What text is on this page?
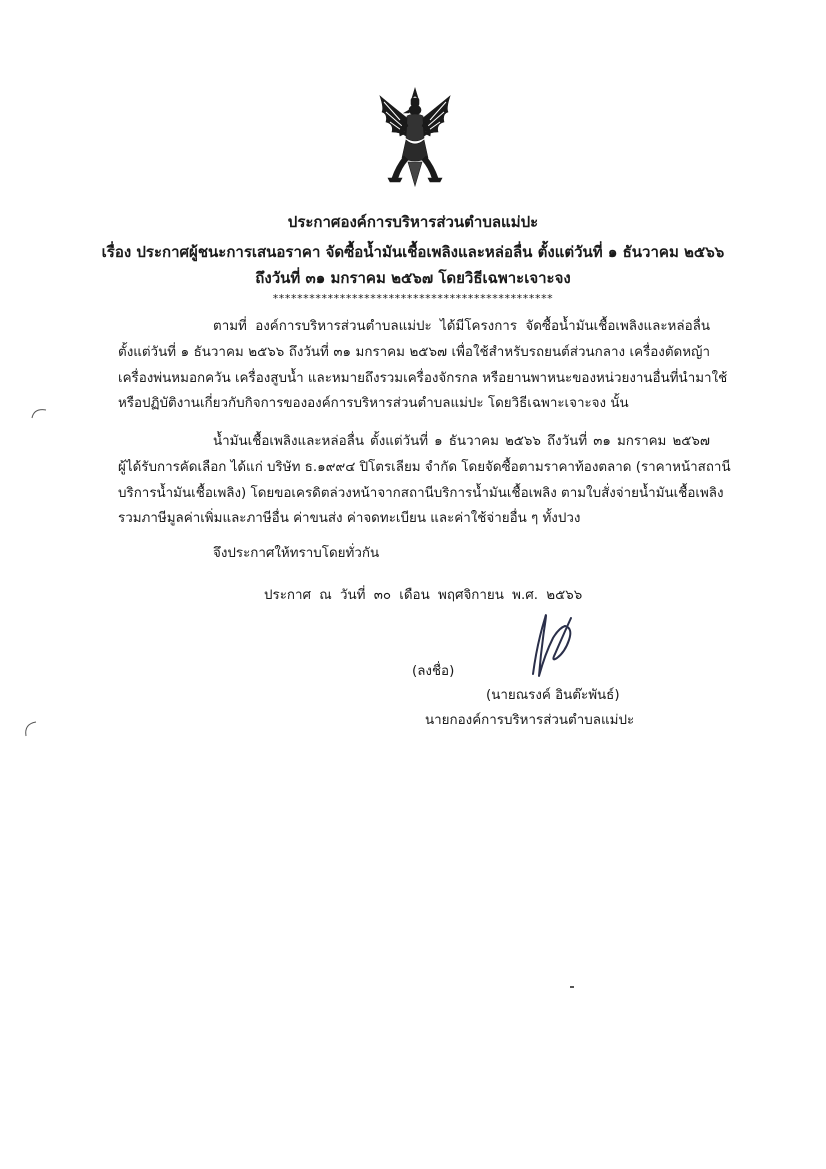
ประกาศองค์การบริหารส่วนตำบลแม่ปะ
เรื่อง ประกาศผู้ชนะการเสนอราคา จัดซื้อน้ำมันเชื้อเพลิงและหล่อลื่น ตั้งแต่วันที่ ๑ ธันวาคม ๒๕๖๖
ถึงวันที่ ๓๑ มกราคม ๒๕๖๗ โดยวิธีเฉพาะเจาะจง
**********************************************
ตามที่ องค์การบริหารส่วนตำบลแม่ปะ ได้มีโครงการ จัดซื้อน้ำมันเชื้อเพลิงและหล่อลื่น
ตั้งแต่วันที่ ๑ ธันวาคม ๒๕๖๖ ถึงวันที่ ๓๑ มกราคม ๒๕๖๗ เพื่อใช้สำหรับรถยนต์ส่วนกลาง เครื่องตัดหญ้า
เครื่องพ่นหมอกควัน เครื่องสูบน้ำ และหมายถึงรวมเครื่องจักรกล หรือยานพาหนะของหน่วยงานอื่นที่นำมาใช้
หรือปฏิบัติงานเกี่ยวกับกิจการขององค์การบริหารส่วนตำบลแม่ปะ โดยวิธีเฉพาะเจาะจง นั้น
น้ำมันเชื้อเพลิงและหล่อลื่น ตั้งแต่วันที่ ๑ ธันวาคม ๒๕๖๖ ถึงวันที่ ๓๑ มกราคม ๒๕๖๗
ผู้ได้รับการคัดเลือก ได้แก่ บริษัท ธ.๑๙๙๔ ปิโตรเลียม จำกัด โดยจัดซื้อตามราคาท้องตลาด (ราคาหน้าสถานี
บริการน้ำมันเชื้อเพลิง) โดยขอเครดิตล่วงหน้าจากสถานีบริการน้ำมันเชื้อเพลิง ตามใบสั่งจ่ายน้ำมันเชื้อเพลิง
รวมภาษีมูลค่าเพิ่มและภาษีอื่น ค่าขนส่ง ค่าจดทะเบียน และค่าใช้จ่ายอื่น ๆ ทั้งปวง
จึงประกาศให้ทราบโดยทั่วกัน
ประกาศ ณ วันที่ ๓๐ เดือน พฤศจิกายน พ.ศ. ๒๕๖๖
(ลงชื่อ)
(นายณรงค์ อินต๊ะพันธ์)
นายกองค์การบริหารส่วนตำบลแม่ปะ
